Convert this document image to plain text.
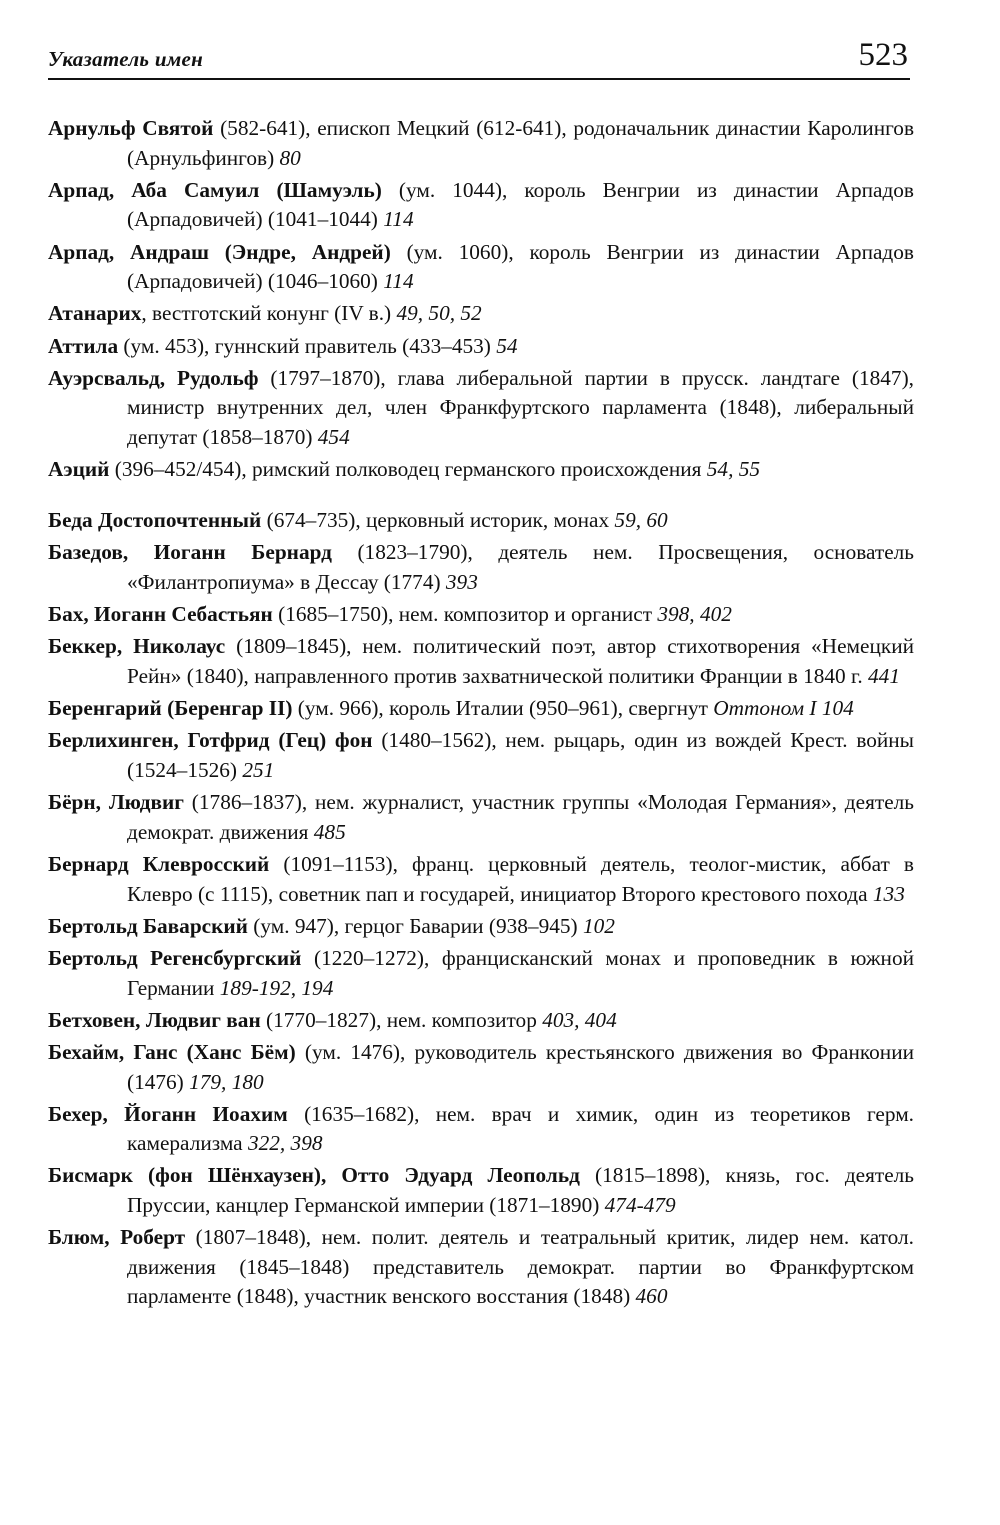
Указатель имен	523

Арнульф Святой (582-641), епископ Мецкий (612-641), родоначальник династии Каролингов (Арнульфингов) 80

Арпад, Аба Самуил (Шамуэль) (ум. 1044), король Венгрии из династии Арпадов (Арпадовичей) (1041–1044) 114

Арпад, Андраш (Эндре, Андрей) (ум. 1060), король Венгрии из династии Арпадов (Арпадовичей) (1046–1060) 114

Атанарих, вестготский конунг (IV в.) 49, 50, 52

Аттила (ум. 453), гуннский правитель (433–453) 54

Ауэрсвальд, Рудольф (1797–1870), глава либеральной партии в прусск. ландтаге (1847), министр внутренних дел, член Франкфуртского парламента (1848), либеральный депутат (1858–1870) 454

Аэций (396–452/454), римский полководец германского происхождения 54, 55

Беда Достопочтенный (674–735), церковный историк, монах 59, 60

Базедов, Иоганн Бернард (1823–1790), деятель нем. Просвещения, основатель «Филантропиума» в Дессау (1774) 393

Бах, Иоганн Себастьян (1685–1750), нем. композитор и органист 398, 402

Беккер, Николаус (1809–1845), нем. политический поэт, автор стихотворения «Немецкий Рейн» (1840), направленного против захватнической политики Франции в 1840 г. 441

Беренгарий (Беренгар II) (ум. 966), король Италии (950–961), свергнут Оттоном I 104

Берлихинген, Готфрид (Гец) фон (1480–1562), нем. рыцарь, один из вождей Крест. войны (1524–1526) 251

Бёрн, Людвиг (1786–1837), нем. журналист, участник группы «Молодая Германия», деятель демократ. движения 485

Бернард Клевросский (1091–1153), франц. церковный деятель, теолог-мистик, аббат в Клевро (с 1115), советник пап и государей, инициатор Второго крестового похода 133

Бертольд Баварский (ум. 947), герцог Баварии (938–945) 102

Бертольд Регенсбургский (1220–1272), францисканский монах и проповедник в южной Германии 189-192, 194

Бетховен, Людвиг ван (1770–1827), нем. композитор 403, 404

Бехайм, Ганс (Ханс Бём) (ум. 1476), руководитель крестьянского движения во Франконии (1476) 179, 180

Бехер, Йоганн Иоахим (1635–1682), нем. врач и химик, один из теоретиков герм. камерализма 322, 398

Бисмарк (фон Шёнхаузен), Отто Эдуард Леопольд (1815–1898), князь, гос. деятель Пруссии, канцлер Германской империи (1871–1890) 474-479

Блюм, Роберт (1807–1848), нем. полит. деятель и театральный критик, лидер нем. катол. движения (1845–1848) представитель демократ. партии во Франкфуртском парламенте (1848), участник венского восстания (1848) 460
